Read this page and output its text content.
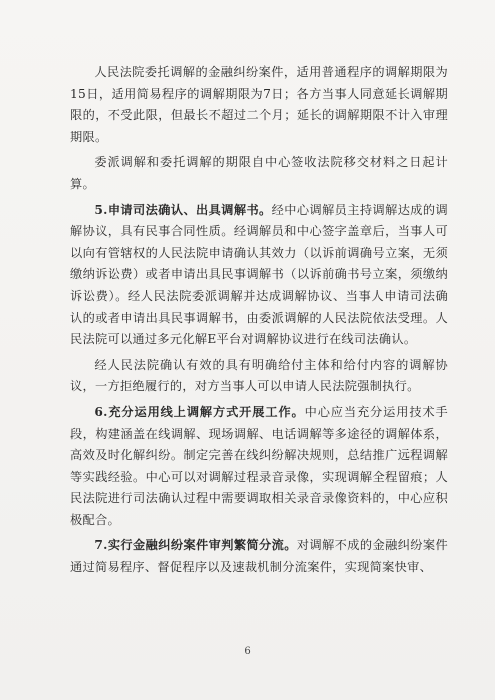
人民法院委托调解的金融纠纷案件，适用普通程序的调解期限为15日，适用简易程序的调解期限为7日；各方当事人同意延长调解期限的，不受此限，但最长不超过二个月；延长的调解期限不计入审理期限。

委派调解和委托调解的期限自中心签收法院移交材料之日起计算。

5.申请司法确认、出具调解书。经中心调解员主持调解达成的调解协议，具有民事合同性质。经调解员和中心签字盖章后，当事人可以向有管辖权的人民法院申请确认其效力（以诉前调确号立案，无须缴纳诉讼费）或者申请出具民事调解书（以诉前确书号立案，须缴纳诉讼费）。经人民法院委派调解并达成调解协议、当事人申请司法确认的或者申请出具民事调解书，由委派调解的人民法院依法受理。人民法院可以通过多元化解E平台对调解协议进行在线司法确认。

经人民法院确认有效的具有明确给付主体和给付内容的调解协议，一方拒绝履行的，对方当事人可以申请人民法院强制执行。

6.充分运用线上调解方式开展工作。中心应当充分运用技术手段，构建涵盖在线调解、现场调解、电话调解等多途径的调解体系，高效及时化解纠纷。制定完善在线纠纷解决规则，总结推广远程调解等实践经验。中心可以对调解过程录音录像，实现调解全程留痕；人民法院进行司法确认过程中需要调取相关录音录像资料的，中心应积极配合。

7.实行金融纠纷案件审判繁简分流。对调解不成的金融纠纷案件通过简易程序、督促程序以及速裁机制分流案件，实现简案快审、

6
